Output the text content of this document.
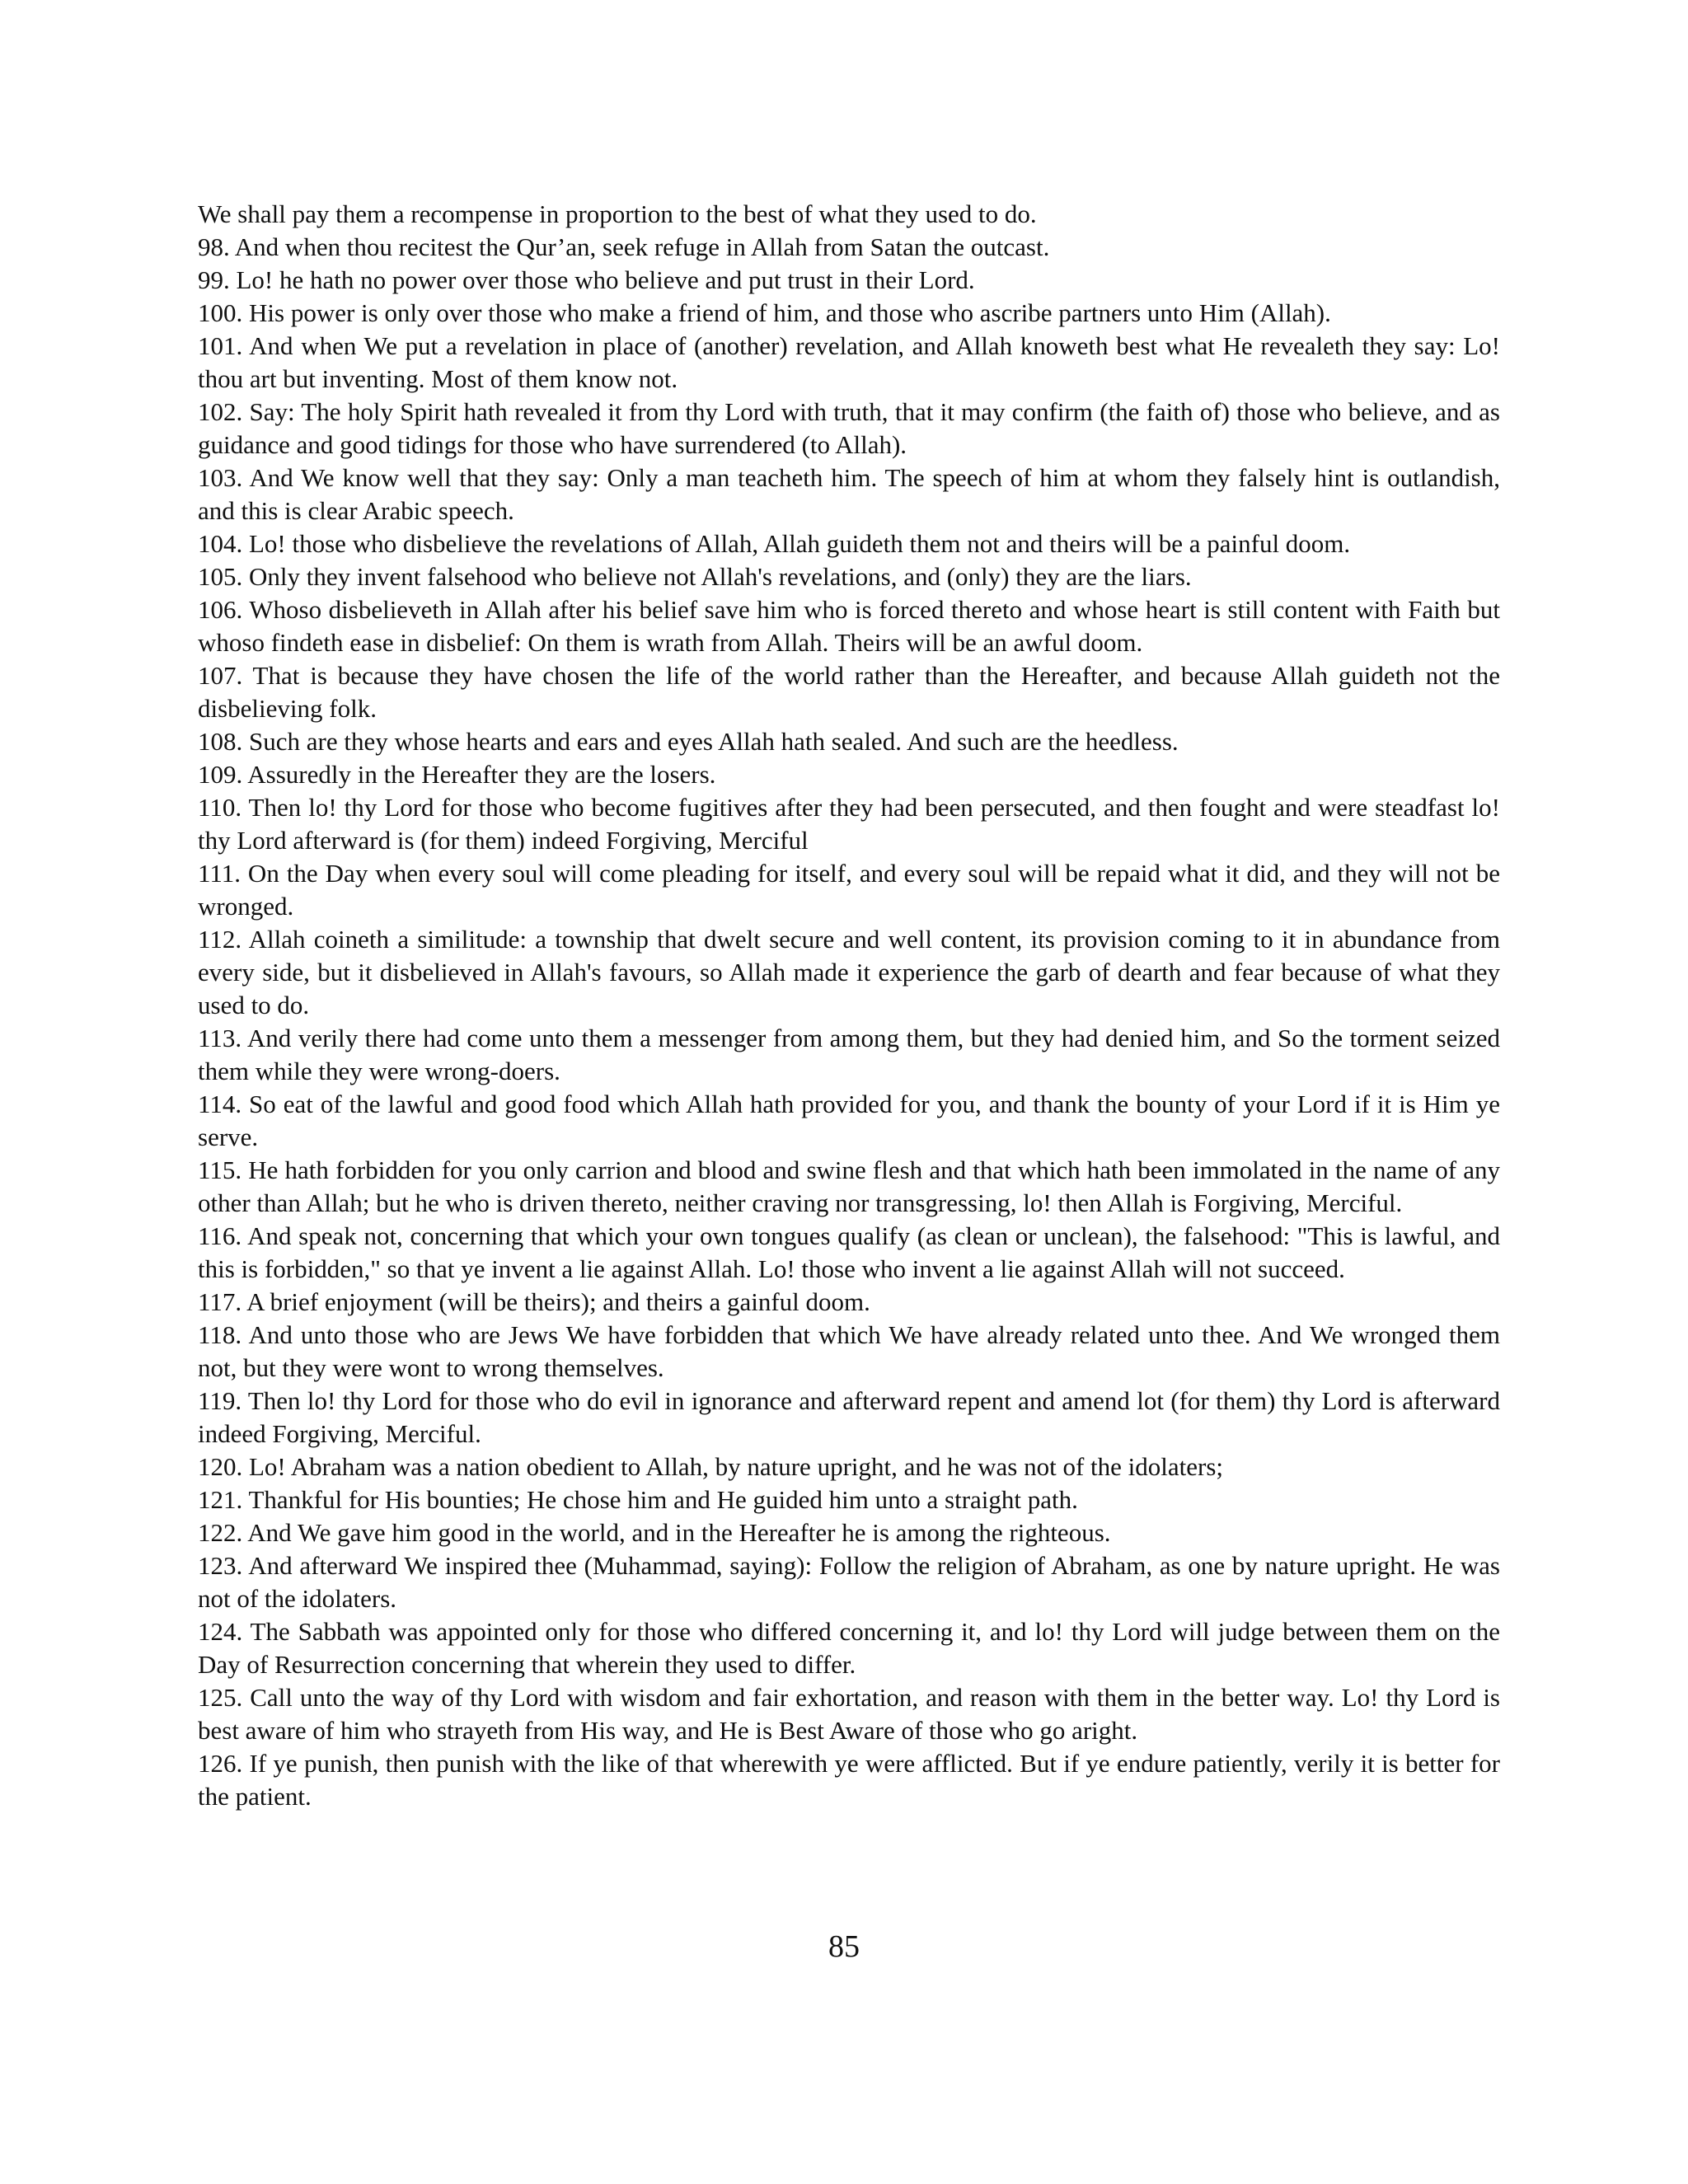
We shall pay them a recompense in proportion to the best of what they used to do.

98. And when thou recitest the Qur’an, seek refuge in Allah from Satan the outcast.

99. Lo! he hath no power over those who believe and put trust in their Lord.

100. His power is only over those who make a friend of him, and those who ascribe partners unto Him (Allah).

101. And when We put a revelation in place of (another) revelation, and Allah knoweth best what He revealeth they say: Lo! thou art but inventing. Most of them know not.

102. Say: The holy Spirit hath revealed it from thy Lord with truth, that it may confirm (the faith of) those who believe, and as guidance and good tidings for those who have surrendered (to Allah).

103. And We know well that they say: Only a man teacheth him. The speech of him at whom they falsely hint is outlandish, and this is clear Arabic speech.

104. Lo! those who disbelieve the revelations of Allah, Allah guideth them not and theirs will be a painful doom.

105. Only they invent falsehood who believe not Allah's revelations, and (only) they are the liars.

106. Whoso disbelieveth in Allah after his belief save him who is forced thereto and whose heart is still content with Faith but whoso findeth ease in disbelief: On them is wrath from Allah. Theirs will be an awful doom.

107. That is because they have chosen the life of the world rather than the Hereafter, and because Allah guideth not the disbelieving folk.

108. Such are they whose hearts and ears and eyes Allah hath sealed. And such are the heedless.

109. Assuredly in the Hereafter they are the losers.

110. Then lo! thy Lord for those who become fugitives after they had been persecuted, and then fought and were steadfast lo! thy Lord afterward is (for them) indeed Forgiving, Merciful

111. On the Day when every soul will come pleading for itself, and every soul will be repaid what it did, and they will not be wronged.

112. Allah coineth a similitude: a township that dwelt secure and well content, its provision coming to it in abundance from every side, but it disbelieved in Allah's favours, so Allah made it experience the garb of dearth and fear because of what they used to do.

113. And verily there had come unto them a messenger from among them, but they had denied him, and So the torment seized them while they were wrong-doers.

114. So eat of the lawful and good food which Allah hath provided for you, and thank the bounty of your Lord if it is Him ye serve.

115. He hath forbidden for you only carrion and blood and swine flesh and that which hath been immolated in the name of any other than Allah; but he who is driven thereto, neither craving nor transgressing, lo! then Allah is Forgiving, Merciful.

116. And speak not, concerning that which your own tongues qualify (as clean or unclean), the falsehood: "This is lawful, and this is forbidden," so that ye invent a lie against Allah. Lo! those who invent a lie against Allah will not succeed.

117. A brief enjoyment (will be theirs); and theirs a gainful doom.

118. And unto those who are Jews We have forbidden that which We have already related unto thee. And We wronged them not, but they were wont to wrong themselves.

119. Then lo! thy Lord for those who do evil in ignorance and afterward repent and amend lot (for them) thy Lord is afterward indeed Forgiving, Merciful.

120. Lo! Abraham was a nation obedient to Allah, by nature upright, and he was not of the idolaters;

121. Thankful for His bounties; He chose him and He guided him unto a straight path.

122. And We gave him good in the world, and in the Hereafter he is among the righteous.

123. And afterward We inspired thee (Muhammad, saying): Follow the religion of Abraham, as one by nature upright. He was not of the idolaters.

124. The Sabbath was appointed only for those who differed concerning it, and lo! thy Lord will judge between them on the Day of Resurrection concerning that wherein they used to differ.

125. Call unto the way of thy Lord with wisdom and fair exhortation, and reason with them in the better way. Lo! thy Lord is best aware of him who strayeth from His way, and He is Best Aware of those who go aright.

126. If ye punish, then punish with the like of that wherewith ye were afflicted. But if ye endure patiently, verily it is better for the patient.

85
